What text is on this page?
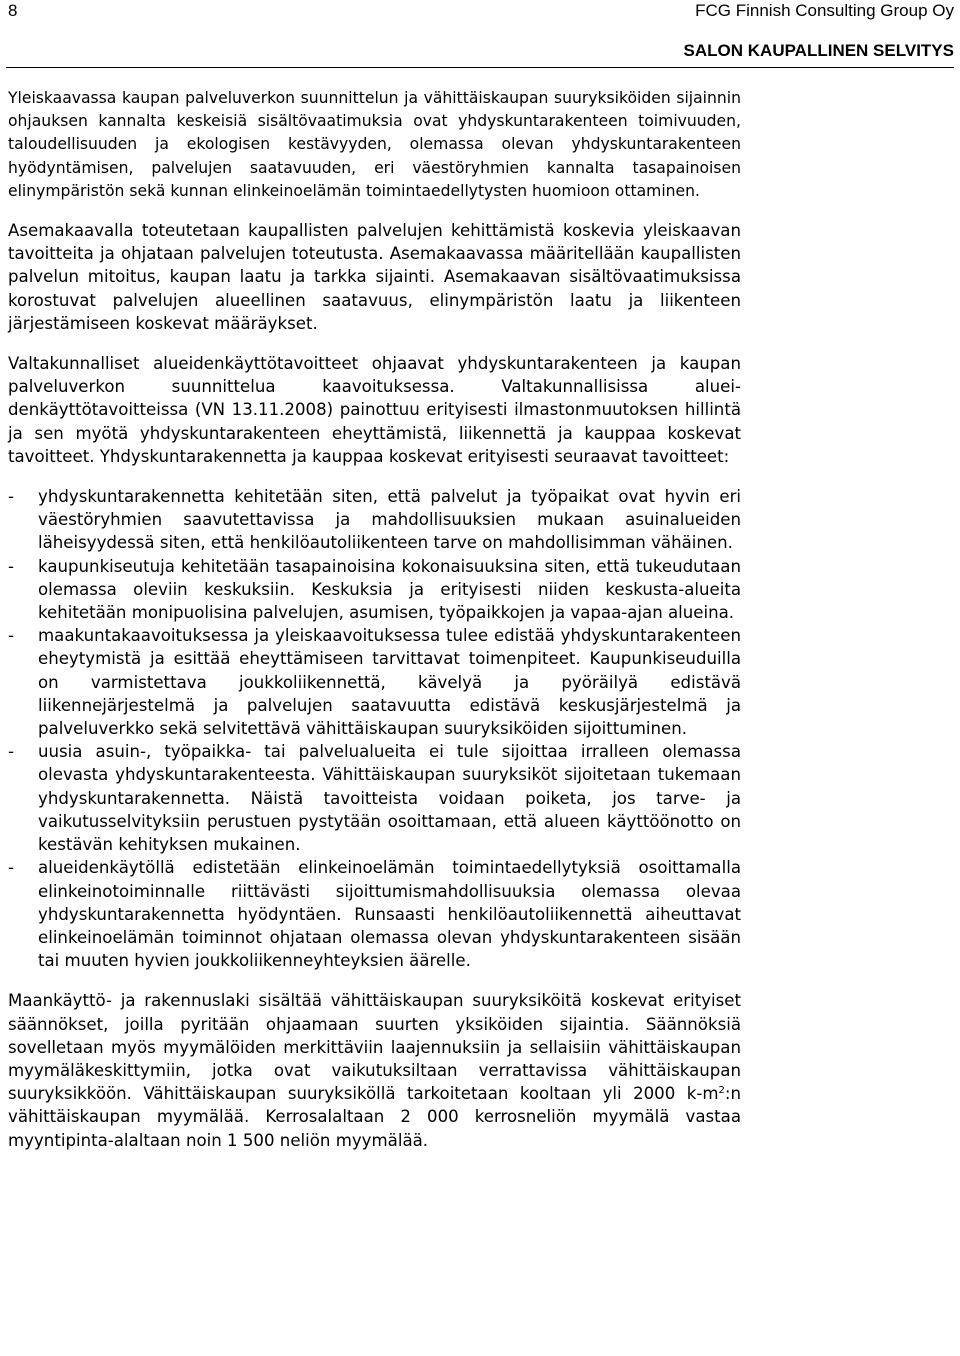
8	FCG Finnish Consulting Group Oy
SALON KAUPALLINEN SELVITYS

Yleiskaavassa kaupan palveluverkon suunnittelun ja vähittäiskaupan suuryksiköiden sijainnin ohjauksen kannalta keskeisiä sisältövaatimuksia ovat yhdyskuntarakenteen toimivuuden, taloudellisuuden ja ekologisen kestävyyden, olemassa olevan yhdyskuntarakenteen hyödyntämisen, palvelujen saatavuuden, eri väestöryhmien kannalta tasapainoisen elinympäristön sekä kunnan elinkeinoelämän toimintaedellytysten huomioon ottaminen.

Asemakaavalla toteutetaan kaupallisten palvelujen kehittämistä koskevia yleiskaavan tavoitteita ja ohjataan palvelujen toteutusta. Asemakaavassa määritellään kaupallisten palvelun mitoitus, kaupan laatu ja tarkka sijainti. Asemakaavan sisältövaatimuksissa korostuvat palvelujen alueellinen saatavuus, elinympäristön laatu ja liikenteen järjestämiseen koskevat määräykset.

Valtakunnalliset alueidenkäyttötavoitteet ohjaavat yhdyskuntarakenteen ja kaupan palveluverkon suunnittelua kaavoituksessa. Valtakunnallisissa alueidenkäyttötavoitteissa (VN 13.11.2008) painottuu erityisesti ilmastonmuutoksen hillintä ja sen myötä yhdyskuntarakenteen eheyttämistä, liikennettä ja kauppaa koskevat tavoitteet. Yhdyskuntarakennetta ja kauppaa koskevat erityisesti seuraavat tavoitteet:

- yhdyskuntarakennetta kehitetään siten, että palvelut ja työpaikat ovat hyvin eri väestöryhmien saavutettavissa ja mahdollisuuksien mukaan asuinalueiden läheisyydessä siten, että henkilöautoliikenteen tarve on mahdollisimman vähäinen.
- kaupunkiseutuja kehitetään tasapainoisina kokonaisuuksina siten, että tukeudutaan olemassa oleviin keskuksiin. Keskuksia ja erityisesti niiden keskusta-alueita kehitetään monipuolisina palvelujen, asumisen, työpaikkojen ja vapaa-ajan alueina.
- maakuntakaavoituksessa ja yleiskaavoituksessa tulee edistää yhdyskuntarakenteen eheytymistä ja esittää eheyttämiseen tarvittavat toimenpiteet. Kaupunkiseuduilla on varmistettava joukkoliikennettä, kävelyä ja pyöräilyä edistävä liikennejärjestelmä ja palvelujen saatavuutta edistävä keskusjärjestelmä ja palveluverkko sekä selvitettävä vähittäiskaupan suuryksiköiden sijoittuminen.
- uusia asuin-, työpaikka- tai palvelualueita ei tule sijoittaa irralleen olemassa olevasta yhdyskuntarakenteesta. Vähittäiskaupan suuryksiköt sijoitetaan tukemaan yhdyskuntarakennetta. Näistä tavoitteista voidaan poiketa, jos tarve- ja vaikutusselvityksiin perustuen pystytään osoittamaan, että alueen käyttöönotto on kestävän kehityksen mukainen.
- alueidenkäytöllä edistetään elinkeinoelämän toimintaedellytyksiä osoittamalla elinkeinotoiminnalle riittävästi sijoittumismahdollisuuksia olemassa olevaa yhdyskuntarakennetta hyödyntäen. Runsaasti henkilöautoliikennettä aiheuttavat elinkeinoelämän toiminnot ohjataan olemassa olevan yhdyskuntarakenteen sisään tai muuten hyvien joukkoliikenneyhteyksien äärelle.

Maankäyttö- ja rakennuslaki sisältää vähittäiskaupan suuryksiköitä koskevat erityiset säännökset, joilla pyritään ohjaamaan suurten yksiköiden sijaintia. Säännöksiä sovelletaan myös myymälöiden merkittäviin laajennuksiin ja sellaisiin vähittäiskaupan myymäläkeskittymiin, jotka ovat vaikutuksiltaan verrattavissa vähittäiskaupan suuryksikköön. Vähittäiskaupan suuryksiköllä tarkoitetaan kooltaan yli 2000 $k-m^2:n$ vähittäiskaupan myymälää. Kerrosalaltaan 2 000 kerrosneliön myymälä vastaa myyntipinta-alaltaan noin 1 500 neliön myymälää.
